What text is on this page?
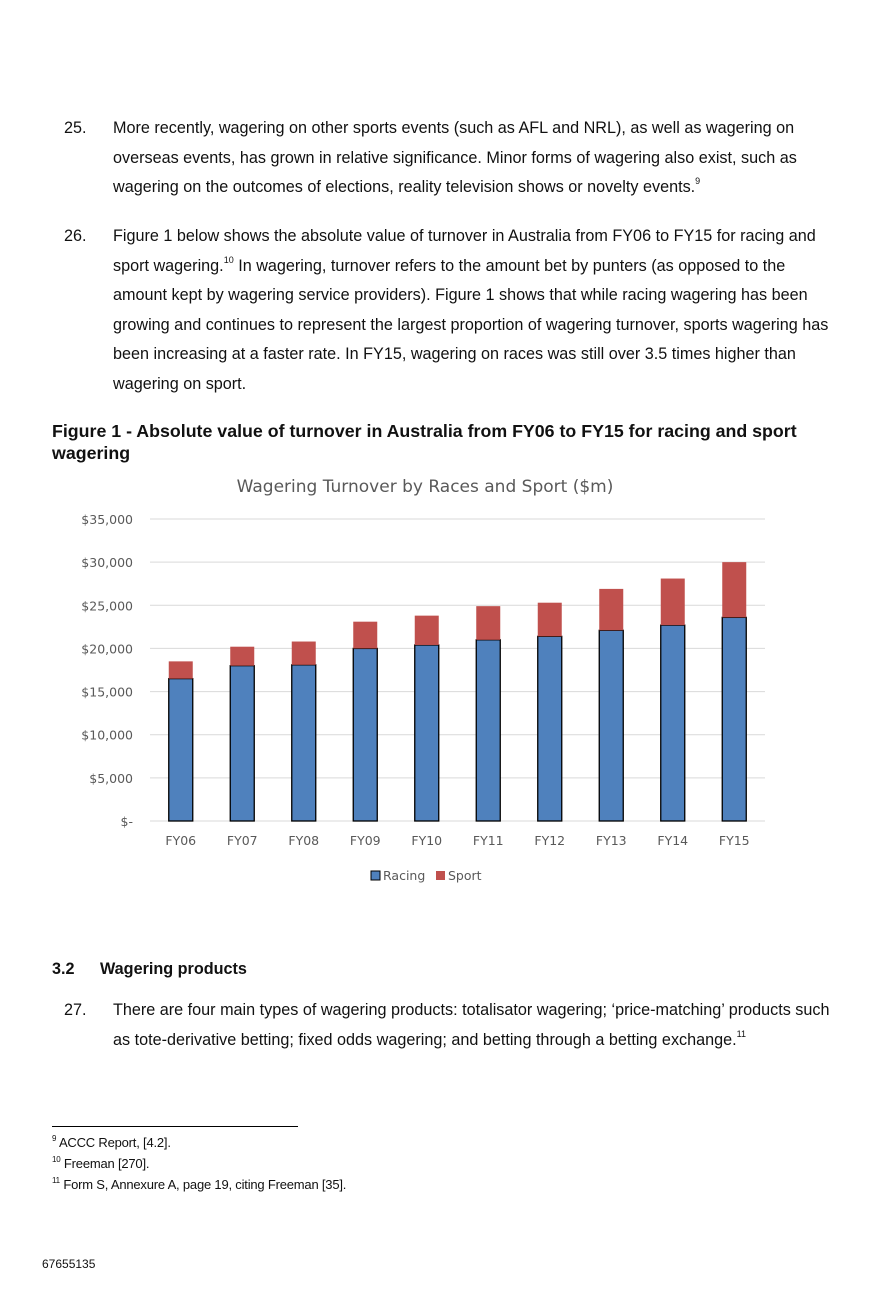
25. More recently, wagering on other sports events (such as AFL and NRL), as well as wagering on overseas events, has grown in relative significance. Minor forms of wagering also exist, such as wagering on the outcomes of elections, reality television shows or novelty events.$^9$
26. Figure 1 below shows the absolute value of turnover in Australia from FY06 to FY15 for racing and sport wagering.$^{10}$ In wagering, turnover refers to the amount bet by punters (as opposed to the amount kept by wagering service providers). Figure 1 shows that while racing wagering has been growing and continues to represent the largest proportion of wagering turnover, sports wagering has been increasing at a faster rate. In FY15, wagering on races was still over 3.5 times higher than wagering on sport.
Figure 1 - Absolute value of turnover in Australia from FY06 to FY15 for racing and sport wagering
$-
$5,000
$10,000
$15,000
$20,000
$25,000
$30,000
$35,000
FY06 FY07 FY08 FY09 FY10 FY11 FY12 FY13 FY14 FY15
Wagering Turnover by Races and Sport ($m)
Racing Sport
3.2 Wagering products
27. There are four main types of wagering products: totalisator wagering; ‘price-matching’ products such as tote-derivative betting; fixed odds wagering; and betting through a betting exchange.$^{11}$
$^9$ ACCC Report, [4.2].
$^{10}$ Freeman [270].
$^{11}$ Form S, Annexure A, page 19, citing Freeman [35].
67655135
